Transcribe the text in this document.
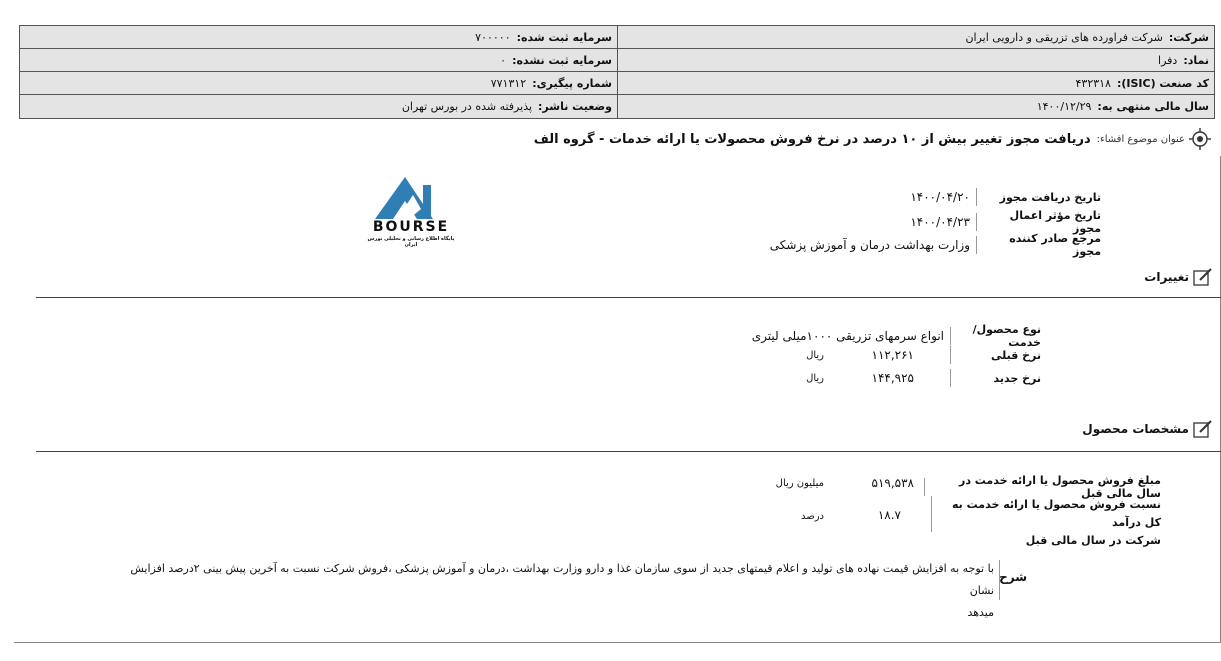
شرکت:
شرکت فراورده های تزریقی و دارویی ایران
سرمایه ثبت شده:
۷۰۰۰۰۰
نماد:
دفرا
سرمایه ثبت نشده:
۰
کد صنعت (ISIC):
۴۳۲۳۱۸
شماره پیگیری:
۷۷۱۳۱۲
سال مالی منتهی به:
۱۴۰۰/۱۲/۲۹
وضعیت ناشر:
پذیرفته شده در بورس تهران
عنوان موضوع افشاء:
دریافت مجوز تغییر بیش از ۱۰ درصد در نرخ فروش محصولات یا ارائه خدمات - گروه الف
BOURSE
پایگاه اطلاع رسانی و تحلیلی بورس ایران
تاریخ دریافت مجوز
۱۴۰۰/۰۴/۲۰
تاریخ مؤثر اعمال مجوز
۱۴۰۰/۰۴/۲۳
مرجع صادر کننده مجوز
وزارت بهداشت درمان و آموزش پزشکی
تغییرات
نوع محصول/خدمت
انواع سرمهای تزریقی ۱۰۰۰میلی لیتری
نرخ قبلی
۱۱۲,۲۶۱
ریال
نرخ جدید
۱۴۴,۹۲۵
ریال
مشخصات محصول
مبلغ فروش محصول یا ارائه خدمت در سال مالی قبل
۵۱۹,۵۳۸
میلیون ریال
نسبت فروش محصول یا ارائه خدمت به کل درآمد
شرکت در سال مالی قبل
۱۸.۷
درصد
شرح
با توجه به افزایش قیمت نهاده های تولید و اعلام قیمتهای جدید از سوی سازمان غذا و دارو وزارت بهداشت ،درمان و آموزش پزشکی ،فروش شرکت نسبت به آخرین پیش بینی ۲درصد افزایش نشان
میدهد
